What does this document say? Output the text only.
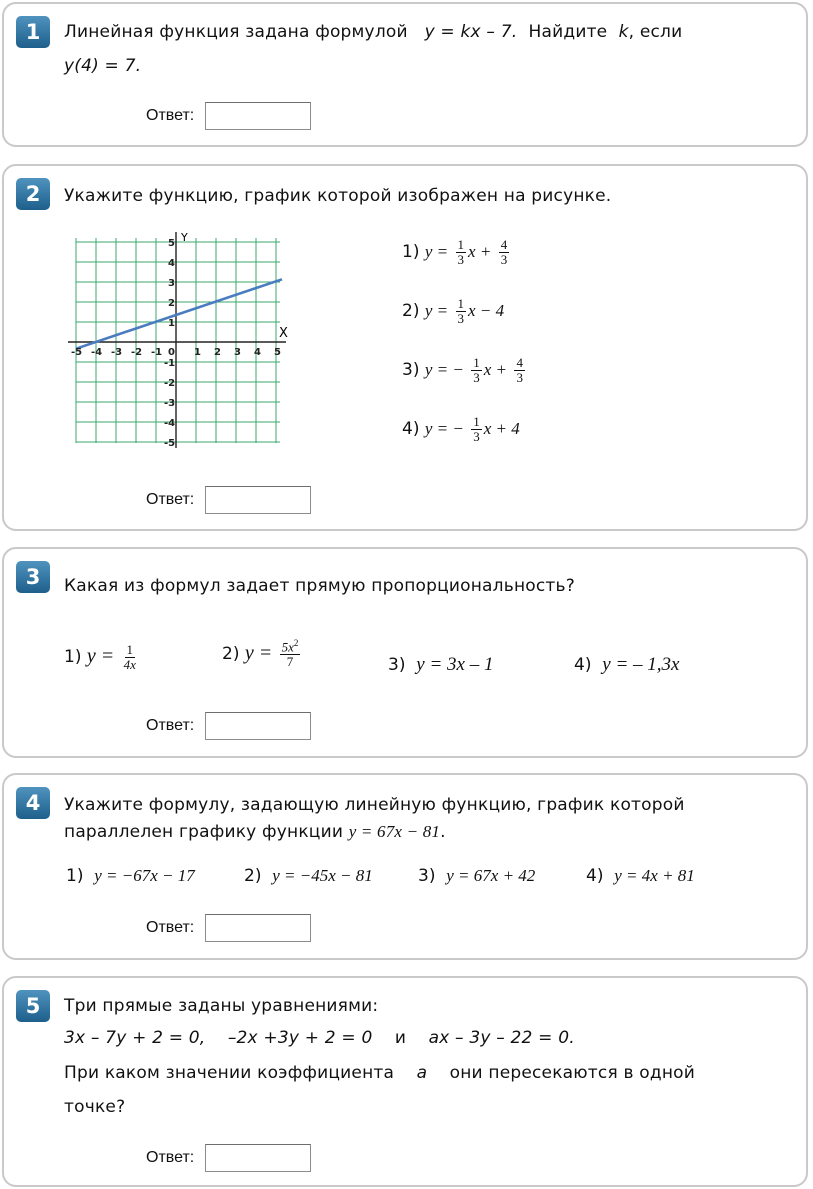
1	Линейная функция задана формулой y = kx – 7. Найдите k, если
y(4) = 7.
Ответ:
2	Укажите функцию, график которой изображен на рисунке.
X
Y
-5 -4 -3 -2 -1 0 1 2 3 4 5
5
4
3
2
1
-1
-2
-3
-4
-5
1) $y = \frac{1}{3}$ $x + \frac{4}{3}$
2) $y = \frac{1}{3}$ x − 4
3) y = − $\frac{1}{3}$ $x + \frac{4}{3}$
4) y = − $\frac{1}{3}$ x + 4
Ответ:
3	Какая из формул задает прямую пропорциональность?
1) $y = \frac{1}{4x}$	2) $y = \frac{5x^2}{7}$	3) y = 3x – 1	4) y = – 1,3x
Ответ:
4	Укажите формулу, задающую линейную функцию, график которой
параллелен графику функции y = 67x − 81.
1) y = −67x − 17	2) y = −45x − 81	3) y = 67x + 42	4) y = 4x + 81
Ответ:
5	Три прямые заданы уравнениями:
3x – 7y + 2 = 0, –2x +3y + 2 = 0 и ax – 3y – 22 = 0.
При каком значении коэффициента a они пересекаются в одной
точке?
Ответ:
